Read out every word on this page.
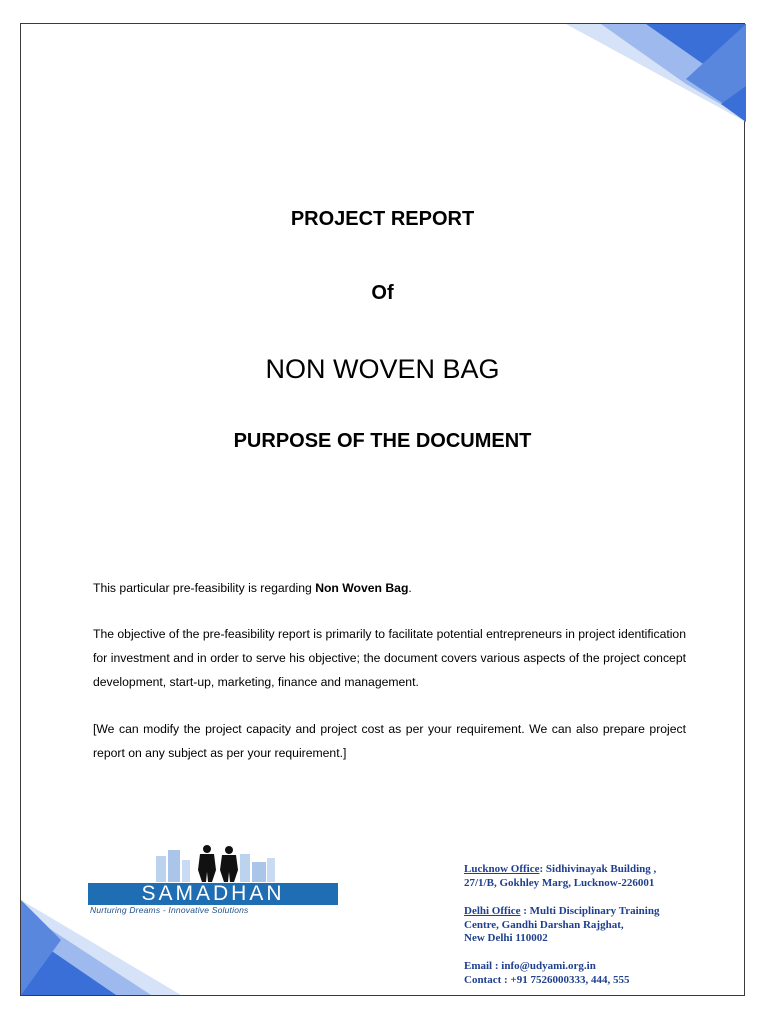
PROJECT REPORT
Of
NON WOVEN BAG
PURPOSE OF THE DOCUMENT
This particular pre-feasibility is regarding Non Woven Bag.
The objective of the pre-feasibility report is primarily to facilitate potential entrepreneurs in project identification for investment and in order to serve his objective; the document covers various aspects of the project concept development, start-up, marketing, finance and management.
[We can modify the project capacity and project cost as per your requirement. We can also prepare project report on any subject as per your requirement.]
SAMADHAN
Nurturing Dreams - Innovative Solutions
Lucknow Office: Sidhivinayak Building ,
27/1/B, Gokhley Marg, Lucknow-226001
Delhi Office : Multi Disciplinary Training
Centre, Gandhi Darshan Rajghat,
New Delhi 110002
Email : info@udyami.org.in
Contact : +91 7526000333, 444, 555
